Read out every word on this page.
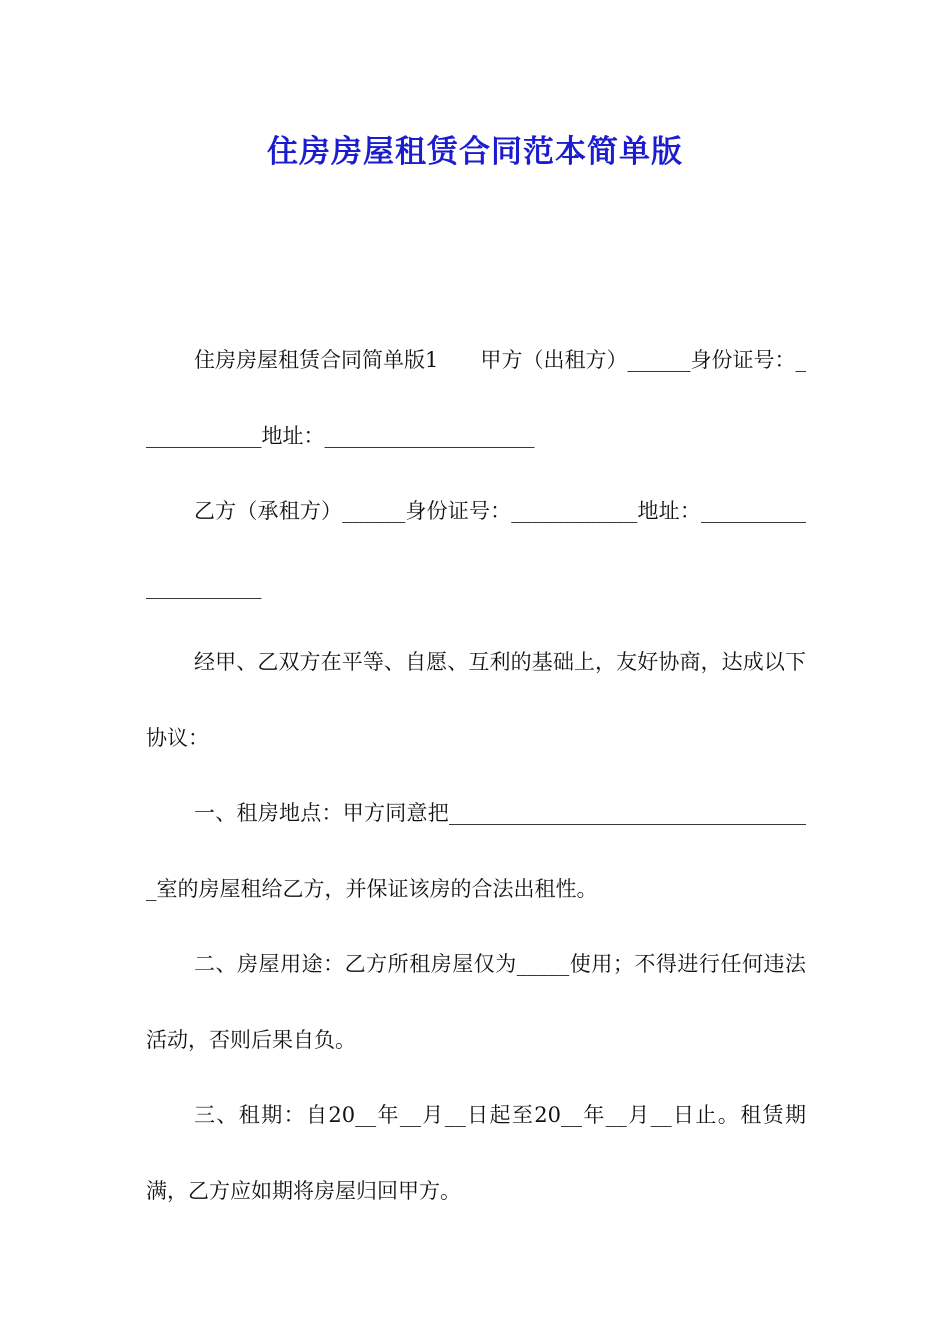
住房房屋租赁合同范本简单版

住房房屋租赁合同简单版1　　甲方（出租方）______身份证号：____________地址：____________________

乙方（承租方）______身份证号：____________地址：_____________________

经甲、乙双方在平等、自愿、互利的基础上，友好协商，达成以下协议：

一、租房地点：甲方同意把___________________________________室的房屋租给乙方，并保证该房的合法出租性。

二、房屋用途：乙方所租房屋仅为_____使用；不得进行任何违法活动，否则后果自负。

三、租期：自20__年__月__日起至20__年__月__日止。租赁期满，乙方应如期将房屋归回甲方。
